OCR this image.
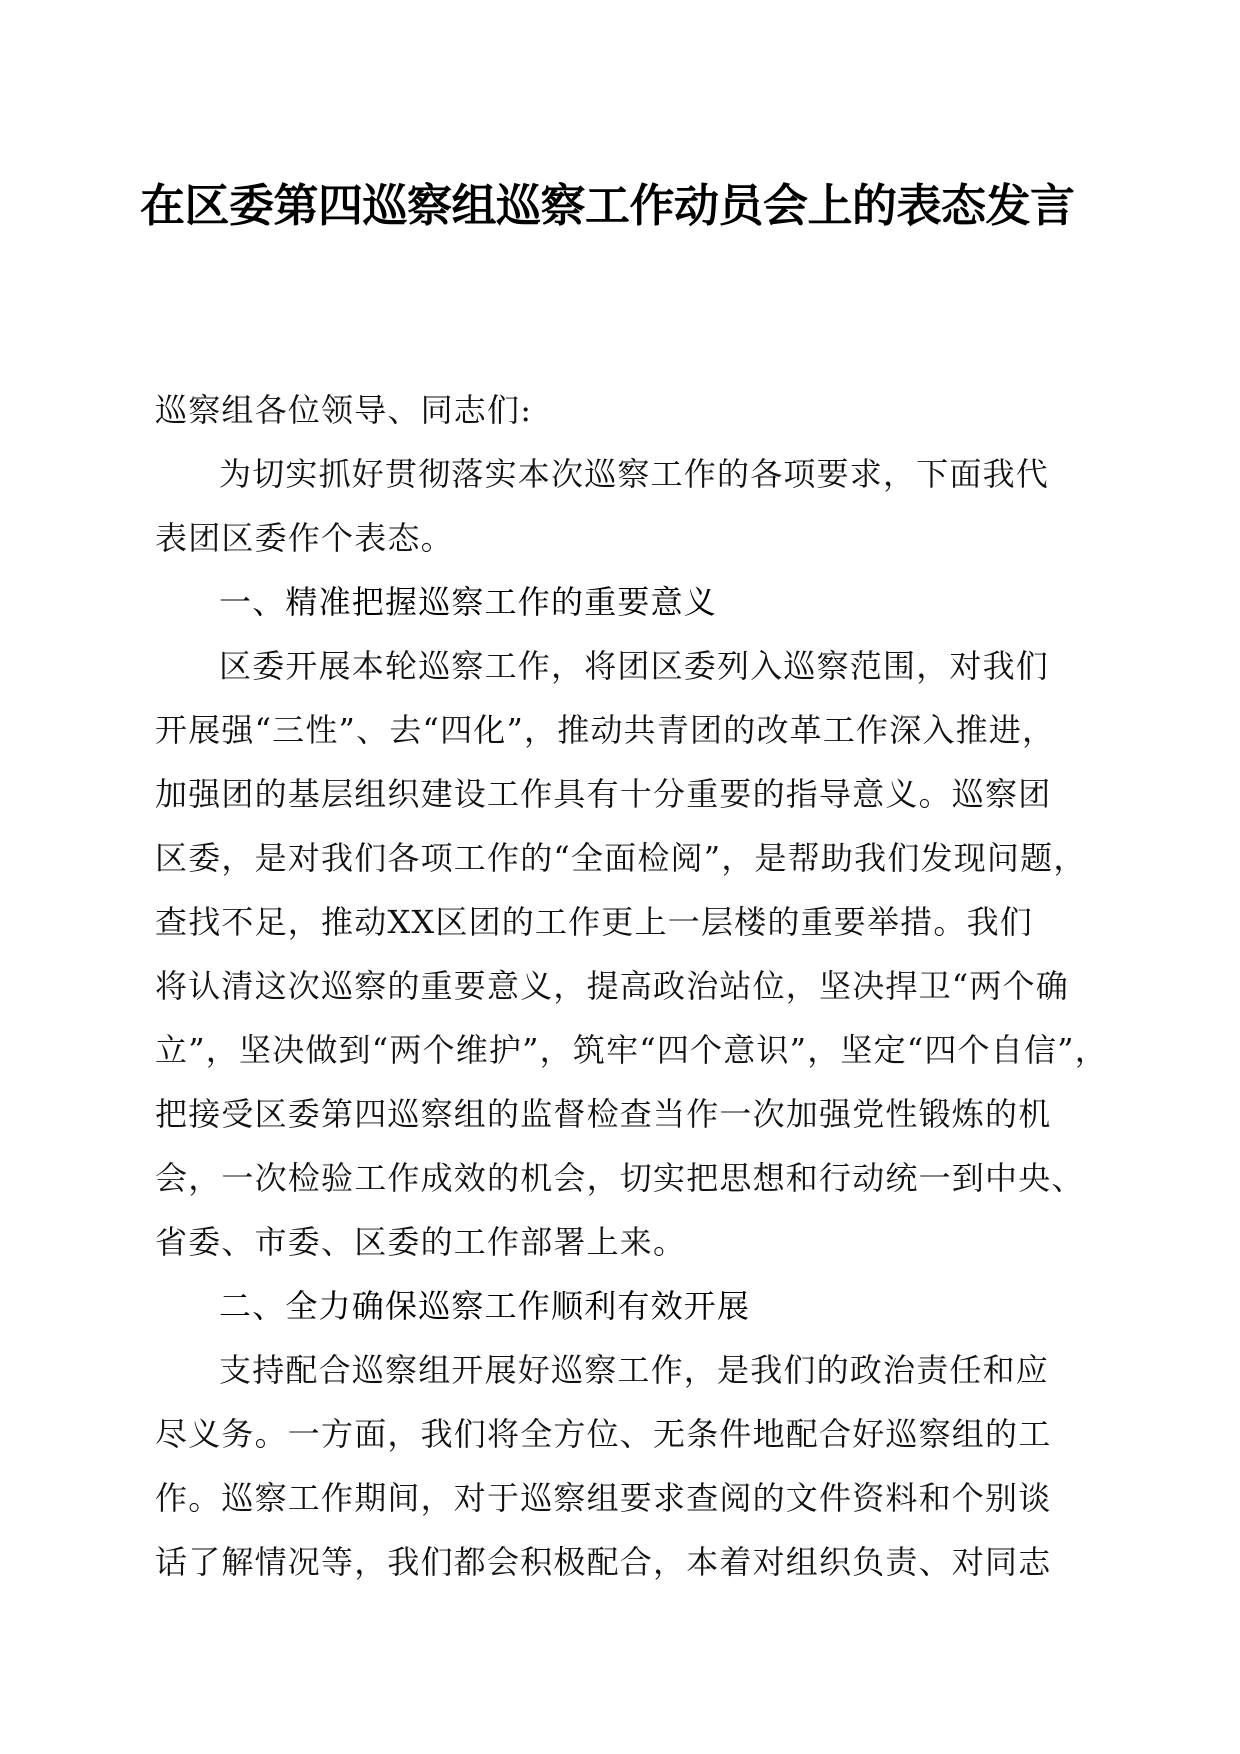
在区委第四巡察组巡察工作动员会上的表态发言

巡察组各位领导、同志们:

为切实抓好贯彻落实本次巡察工作的各项要求，下面我代
表团区委作个表态。

一、精准把握巡察工作的重要意义

区委开展本轮巡察工作，将团区委列入巡察范围，对我们
开展强“三性”、去“四化”，推动共青团的改革工作深入推进，
加强团的基层组织建设工作具有十分重要的指导意义。巡察团
区委，是对我们各项工作的“全面检阅”，是帮助我们发现问题，
查找不足，推动XX区团的工作更上一层楼的重要举措。我们
将认清这次巡察的重要意义，提高政治站位，坚决捍卫“两个确
立”，坚决做到“两个维护”，筑牢“四个意识”，坚定“四个自信”，
把接受区委第四巡察组的监督检查当作一次加强党性锻炼的机
会，一次检验工作成效的机会，切实把思想和行动统一到中央、
省委、市委、区委的工作部署上来。

二、全力确保巡察工作顺利有效开展

支持配合巡察组开展好巡察工作，是我们的政治责任和应
尽义务。一方面，我们将全方位、无条件地配合好巡察组的工
作。巡察工作期间，对于巡察组要求查阅的文件资料和个别谈
话了解情况等，我们都会积极配合，本着对组织负责、对同志
